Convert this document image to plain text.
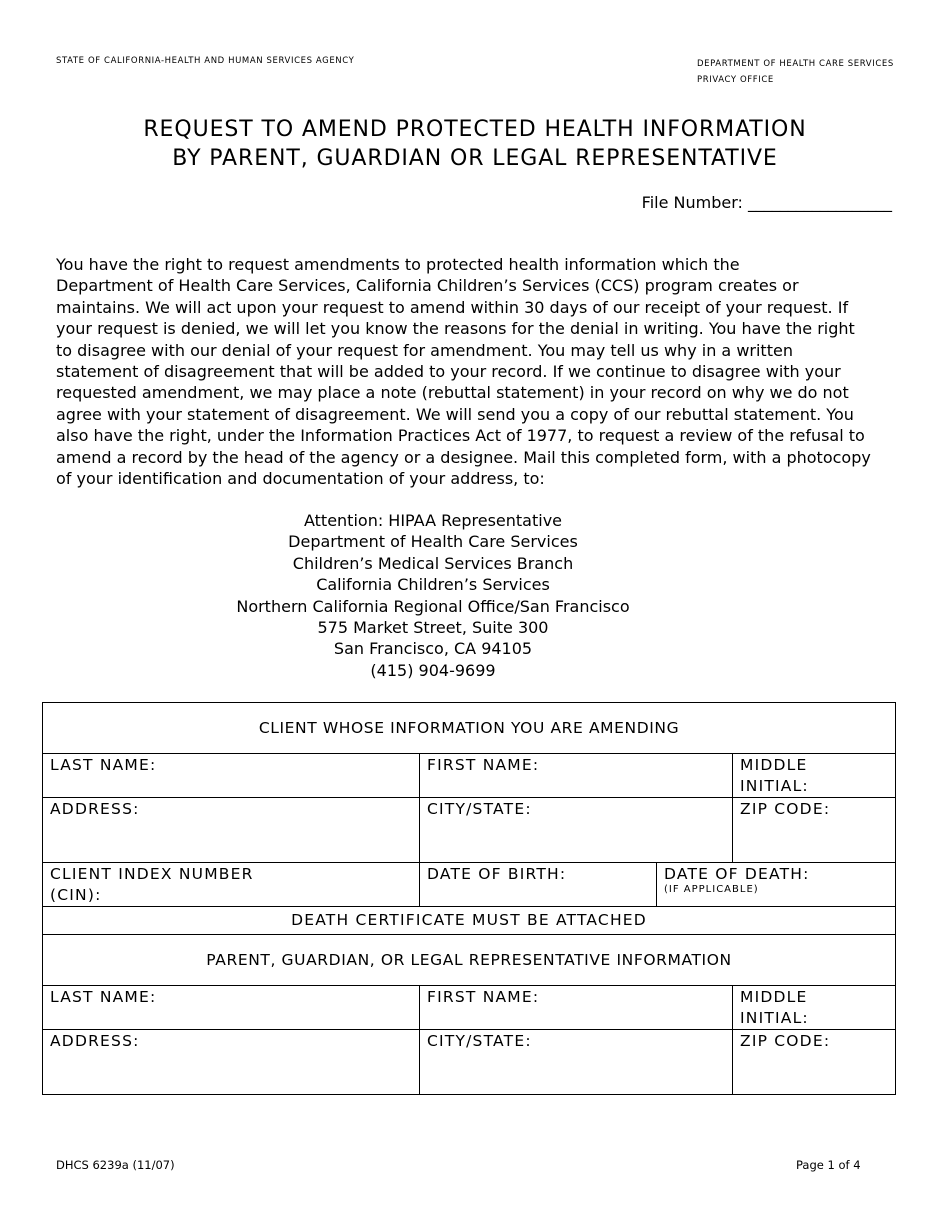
STATE OF CALIFORNIA-HEALTH AND HUMAN SERVICES AGENCY	DEPARTMENT OF HEALTH CARE SERVICES
PRIVACY OFFICE
REQUEST TO AMEND PROTECTED HEALTH INFORMATION
BY PARENT, GUARDIAN OR LEGAL REPRESENTATIVE
File Number: __________________
You have the right to request amendments to protected health information which the
Department of Health Care Services, California Children’s Services (CCS) program creates or
maintains. We will act upon your request to amend within 30 days of our receipt of your request. If
your request is denied, we will let you know the reasons for the denial in writing. You have the right
to disagree with our denial of your request for amendment. You may tell us why in a written
statement of disagreement that will be added to your record. If we continue to disagree with your
requested amendment, we may place a note (rebuttal statement) in your record on why we do not
agree with your statement of disagreement. We will send you a copy of our rebuttal statement. You
also have the right, under the Information Practices Act of 1977, to request a review of the refusal to
amend a record by the head of the agency or a designee. Mail this completed form, with a photocopy
of your identification and documentation of your address, to:
Attention: HIPAA Representative
Department of Health Care Services
Children’s Medical Services Branch
California Children’s Services
Northern California Regional Office/San Francisco
575 Market Street, Suite 300
San Francisco, CA 94105
(415) 904-9699
CLIENT WHOSE INFORMATION YOU ARE AMENDING			

LAST NAME:	FIRST NAME:		MIDDLE
INITIAL:

ADDRESS:	CITY/STATE:		ZIP CODE:

CLIENT INDEX NUMBER
(CIN):	DATE OF BIRTH:	DATE OF DEATH:
(IF APPLICABLE)	

DEATH CERTIFICATE MUST BE ATTACHED			
PARENT, GUARDIAN, OR LEGAL REPRESENTATIVE INFORMATION			

LAST NAME:	FIRST NAME:		MIDDLE
INITIAL:

ADDRESS:	CITY/STATE:		ZIP CODE:
DHCS 6239a (11/07)	Page 1 of 4
